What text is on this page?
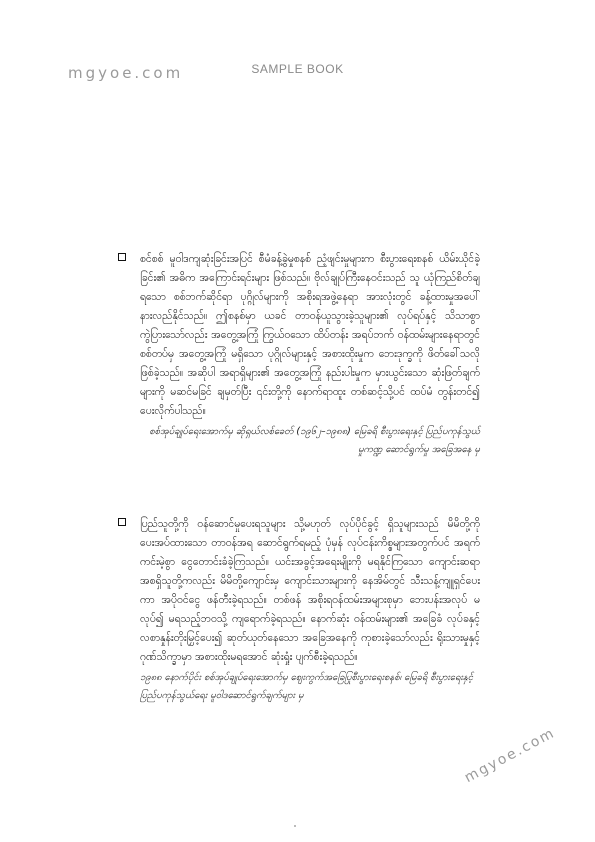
mgyoe.com	SAMPLE BOOK
စင်စစ် မူဝါဒကျဆုံးခြင်းအပြင် စီမံခန့်ခွဲမှုစနစ် ညံ့ဖျင်းမှုများက စီးပွားရေးစနစ် ယိမ်းယိုင်ခဲ့ခြင်း၏ အဓိက အကြောင်းရင်းများ ဖြစ်သည်။ ဗိုလ်ချုပ်ကြီးနေဝင်းသည် သူ ယုံကြည်စိတ်ချရသော စစ်ဘက်ဆိုင်ရာ ပုဂ္ဂိုလ်များကို အစိုးရအဖွဲ့နေရာ အားလုံးတွင် ခန့်ထားမှုအပေါ် နားလည်နိုင်သည်။ ဤစနစ်မှာ ယခင် တာဝန်ယူသွားခဲ့သူများ၏ လုပ်ရပ်နှင့် သိသာစွာ ကွဲပြားသော်လည်း အတွေ့အကြုံ ကြွယ်ဝသော ထိပ်တန်း အရပ်ဘက် ဝန်ထမ်းများနေရာတွင် စစ်တပ်မှ အတွေ့အကြုံ မရှိသော ပုဂ္ဂိုလ်များနှင့် အစားထိုးမှုက ဘေးဒုက္ခကို ဖိတ်ခေါ်သလို ဖြစ်ခဲ့သည်။ အဆိုပါ အရာရှိများ၏ အတွေ့အကြုံ နည်းပါးမှုက မှားယွင်းသော ဆုံးဖြတ်ချက်များကို မဆင်မခြင် ချမှတ်ပြီး ၎င်းတို့ကို နောက်ရာထူး တစ်ဆင့်သို့ပင် ထပ်မံ တွန်းတင်၍ ပေးလိုက်ပါသည်။
စစ်အုပ်ချုပ်ရေးအောက်မှ ဆိုရှယ်လစ်ခေတ် (၁၉၆၂–၁၉၈၈) မြေခရိ စီးပွားရေးနှင့် ပြည်ပကုန်သွယ်မှုကဏ္ဍ ဆောင်ရွက်မှု အခြေအနေ မှ
ပြည်သူတို့ကို ဝန်ဆောင်မှုပေးရသူများ သို့မဟုတ် လုပ်ပိုင်ခွင့် ရှိသူများသည် မိမိတို့ကို ပေးအပ်ထားသော တာဝန်အရ ဆောင်ရွက်ရမည့် ပုံမှန် လုပ်ငန်းကိစ္စများအတွက်ပင် အရက်ကင်းမဲ့စွာ ငွေတောင်းခံခဲ့ကြသည်။ ယင်းအခွင့်အရေးမျိုးကို မရနိုင်ကြသော ကျောင်းဆရာ အစရှိသူတို့ကလည်း မိမိတို့ကျောင်းမှ ကျောင်းသားများကို နေအိမ်တွင် သီးသန့်ကျူရှင်ပေးကာ အပိုဝင်ငွေ ဖန်တီးခဲ့ရသည်။ တစ်ဖန် အစိုးရဝန်ထမ်းအများစုမှာ ဘေးပန်းအလုပ် မလုပ်၍ မရသည့်ဘဝသို့ ကျရောက်ခဲ့ရသည်။ နောက်ဆုံး ဝန်ထမ်းများ၏ အခြေခံ လုပ်ခနှင့် လစာနှုန်းတိုးမြှင့်ပေး၍ ဆုတ်ယုတ်နေသော အခြေအနေကို ကုစားခဲ့သော်လည်း ရိုးသားမှုနှင့် ဂုဏ်သိက္ခာမှာ အစားထိုးမရအောင် ဆုံးရှုံး ပျက်စီးခဲ့ရသည်။
၁၉၈၈ နောက်ပိုင်း စစ်အုပ်ချုပ်ရေးအောက်မှ ဈေးကွက်အခြေပြုစီးပွားရေးစနစ်၊ မြေခရိ စီးပွားရေးနှင့် ပြည်ပကုန်သွယ်ရေး မူဝါဒဆောင်ရွက်ချက်များ မှ
mgyoe.com
